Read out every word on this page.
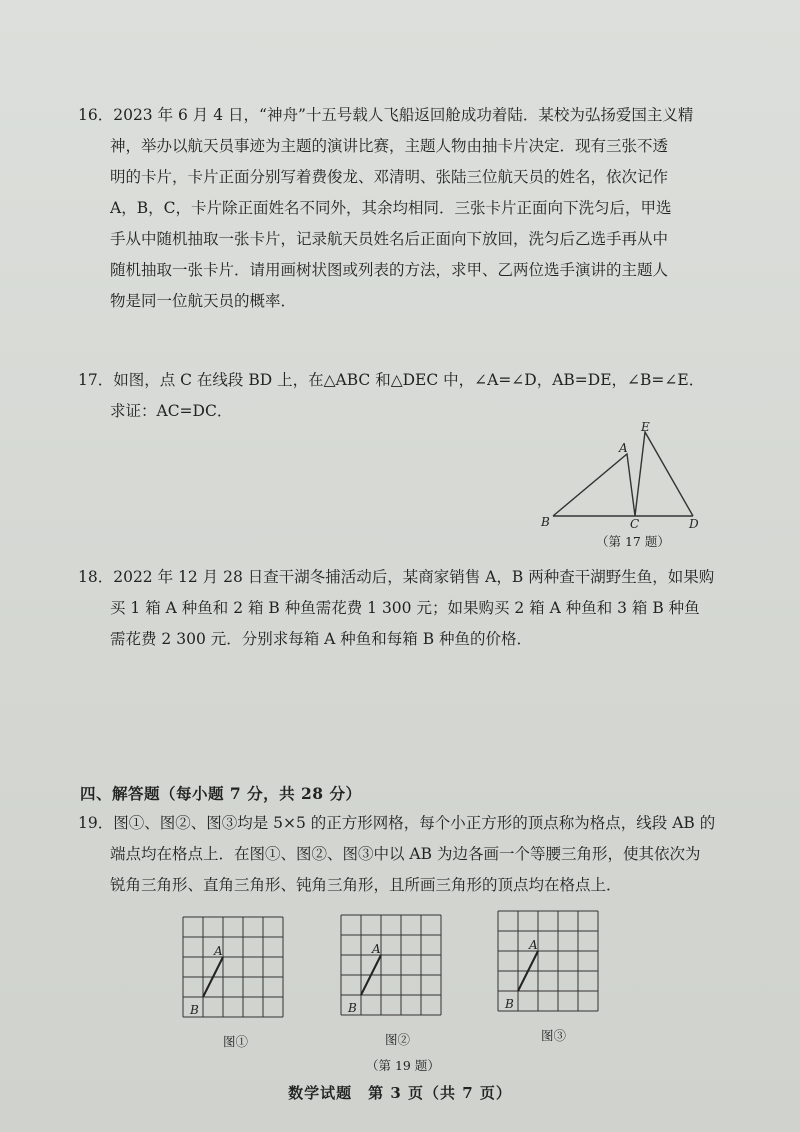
16．2023 年 6 月 4 日，“神舟”十五号载人飞船返回舱成功着陆．某校为弘扬爱国主义精
神，举办以航天员事迹为主题的演讲比赛，主题人物由抽卡片决定．现有三张不透
明的卡片，卡片正面分别写着费俊龙、邓清明、张陆三位航天员的姓名，依次记作
A，B，C，卡片除正面姓名不同外，其余均相同．三张卡片正面向下洗匀后，甲选
手从中随机抽取一张卡片，记录航天员姓名后正面向下放回，洗匀后乙选手再从中
随机抽取一张卡片．请用画树状图或列表的方法，求甲、乙两位选手演讲的主题人
物是同一位航天员的概率．
17．如图，点 C 在线段 BD 上，在△ABC 和△DEC 中，∠A=∠D，AB=DE，∠B=∠E．
求证：AC=DC．
A
E
B	C	D
（第 17 题）
18．2022 年 12 月 28 日查干湖冬捕活动后，某商家销售 A，B 两种查干湖野生鱼，如果购
买 1 箱 A 种鱼和 2 箱 B 种鱼需花费 1 300 元；如果购买 2 箱 A 种鱼和 3 箱 B 种鱼
需花费 2 300 元．分别求每箱 A 种鱼和每箱 B 种鱼的价格．
四、解答题（每小题 7 分，共 28 分）
19．图①、图②、图③均是 5×5 的正方形网格，每个小正方形的顶点称为格点，线段 AB 的
端点均在格点上．在图①、图②、图③中以 AB 为边各画一个等腰三角形，使其依次为
锐角三角形、直角三角形、钝角三角形，且所画三角形的顶点均在格点上．
A
B
图①
A
B
图②
A
B
图③
（第 19 题）
数学试题　第 3 页（共 7 页）
